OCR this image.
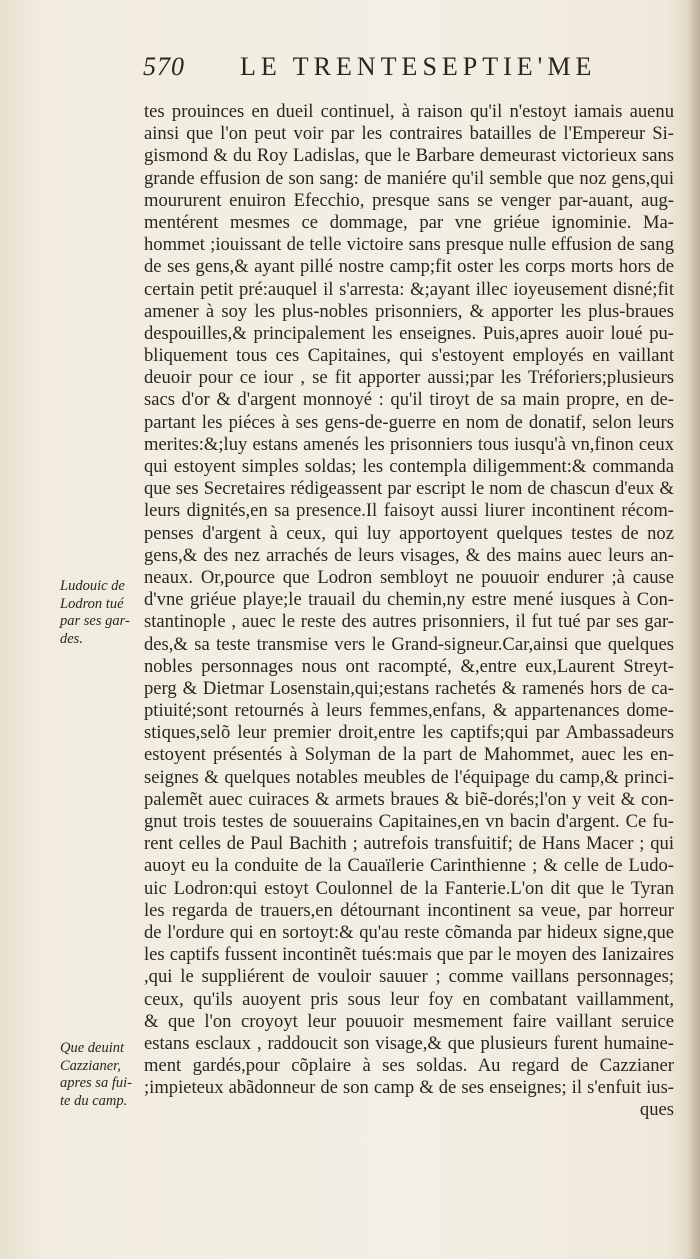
570 LE TRENTESEPTIE'ME
tes prouinces en dueil continuel, à raison qu'il n'estoyt iamais auenu
ainsi que l'on peut voir par les contraires batailles de l'Empereur Si-
gismond & du Roy Ladislas, que le Barbare demeurast victorieux sans
grande effusion de son sang: de maniére qu'il semble que noz gens,qui
moururent enuiron Efecchio, presque sans se venger par-auant, aug-
mentérent mesmes ce dommage, par vne griéue ignominie. Ma-
hommet ;iouissant de telle victoire sans presque nulle effusion de sang
de ses gens,& ayant pillé nostre camp;fit oster les corps morts hors de
certain petit pré:auquel il s'arresta: &;ayant illec ioyeusement disné;fit
amener à soy les plus-nobles prisonniers, & apporter les plus-braues
despouilles,& principalement les enseignes. Puis,apres auoir loué pu-
bliquement tous ces Capitaines, qui s'estoyent employés en vaillant
deuoir pour ce iour , se fit apporter aussi;par les Tréforiers;plusieurs
sacs d'or & d'argent monnoyé : qu'il tiroyt de sa main propre, en de-
partant les piéces à ses gens-de-guerre en nom de donatif, selon leurs
merites:&;luy estans amenés les prisonniers tous iusqu'à vn,finon ceux
qui estoyent simples soldas; les contempla diligemment:& commanda
que ses Secretaires rédigeassent par escript le nom de chascun d'eux &
leurs dignités,en sa presence.Il faisoyt aussi liurer incontinent récom-
penses d'argent à ceux, qui luy apportoyent quelques testes de noz
gens,& des nez arrachés de leurs visages, & des mains auec leurs an-
neaux. Or,pource que Lodron sembloyt ne pouuoir endurer ;à cause
d'vne griéue playe;le trauail du chemin,ny estre mené iusques à Con-
stantinople , auec le reste des autres prisonniers, il fut tué par ses gar-
des,& sa teste transmise vers le Grand-signeur.Car,ainsi que quelques
nobles personnages nous ont racompté, &,entre eux,Laurent Streyt-
perg & Dietmar Losenstain,qui;estans rachetés & ramenés hors de ca-
ptiuité;sont retournés à leurs femmes,enfans, & appartenances dome-
stiques,selõ leur premier droit,entre les captifs;qui par Ambassadeurs
estoyent présentés à Solyman de la part de Mahommet, auec les en-
seignes & quelques notables meubles de l'équipage du camp,& princi-
palemẽt auec cuiraces & armets braues & biẽ-dorés;l'on y veit & con-
gnut trois testes de souuerains Capitaines,en vn bacin d'argent. Ce fu-
rent celles de Paul Bachith ; autrefois transfuitif; de Hans Macer ; qui
auoyt eu la conduite de la Cauaïlerie Carinthienne ; & celle de Ludo-
uic Lodron:qui estoyt Coulonnel de la Fanterie.L'on dit que le Tyran
les regarda de trauers,en détournant incontinent sa veue, par horreur
de l'ordure qui en sortoyt:& qu'au reste cõmanda par hideux signe,que
les captifs fussent incontinẽt tués:mais que par le moyen des Ianizaires
,qui le suppliérent de vouloir sauuer ; comme vaillans personnages;
ceux, qu'ils auoyent pris sous leur foy en combatant vaillamment,
& que l'on croyoyt leur pouuoir mesmement faire vaillant seruice
estans esclaux , raddoucit son visage,& que plusieurs furent humaine-
ment gardés,pour cõplaire à ses soldas. Au regard de Cazzianer
;impieteux abãdonneur de son camp & de ses enseignes; il s'enfuit ius-
ques
Ludouic de
Lodron tué
par ses gar-
des.
Que deuint
Cazzianer,
apres sa fui-
te du camp.
